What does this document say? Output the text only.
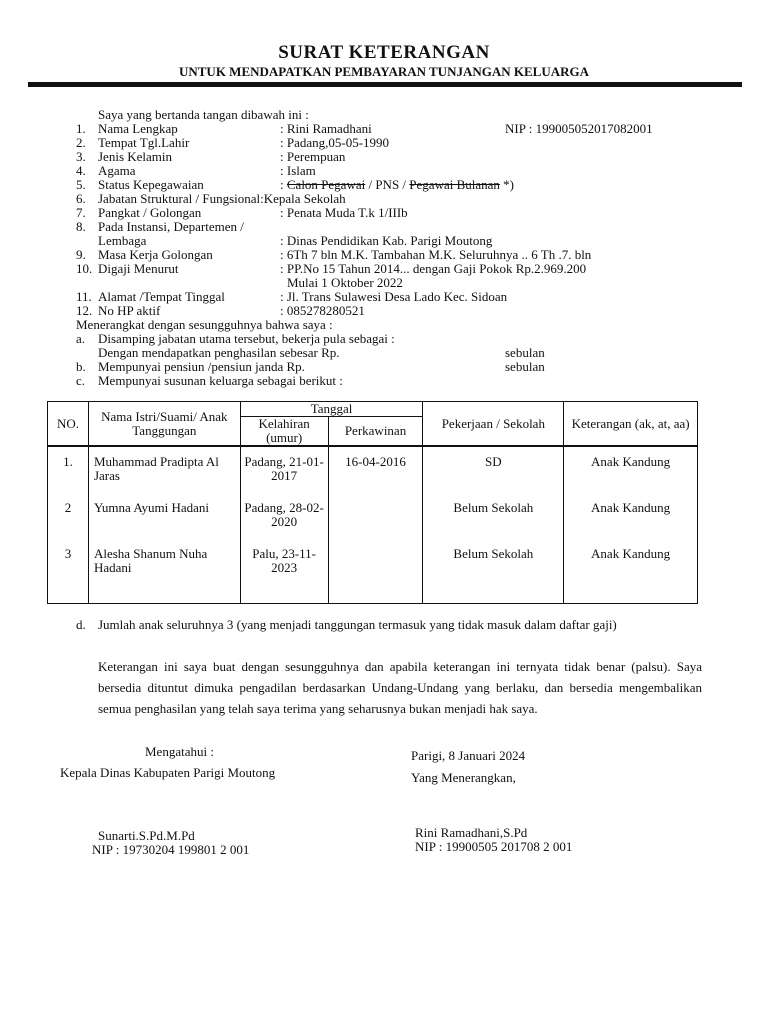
SURAT KETERANGAN
UNTUK MENDAPATKAN PEMBAYARAN TUNJANGAN KELUARGA
Saya yang bertanda tangan dibawah ini :
1. Nama Lengkap	: Rini Ramadhani	NIP : 199005052017082001
2. Tempat Tgl.Lahir	: Padang,05-05-1990
3. Jenis Kelamin	: Perempuan
4. Agama	: Islam
5. Status Kepegawaian	: Calon Pegawai / PNS / Pegawai Bulanan *)
6. Jabatan Struktural / Fungsional:Kepala Sekolah
7. Pangkat / Golongan	: Penata Muda T.k 1/IIIb
8. Pada Instansi, Departemen /
Lembaga	: Dinas Pendidikan Kab. Parigi Moutong
9. Masa Kerja Golongan	: 6Th 7 bln M.K. Tambahan M.K. Seluruhnya .. 6 Th .7. bln
10. Digaji Menurut	: PP.No 15 Tahun 2014... dengan Gaji Pokok Rp.2.969.200
Mulai 1 Oktober 2022
11. Alamat /Tempat Tinggal	: Jl. Trans Sulawesi Desa Lado Kec. Sidoan
12. No HP aktif	: 085278280521
Menerangkat dengan sesungguhnya bahwa saya :
a. Disamping jabatan utama tersebut, bekerja pula sebagai :
Dengan mendapatkan penghasilan sebesar Rp.	sebulan
b. Mempunyai pensiun /pensiun janda Rp.	sebulan
c. Mempunyai susunan keluarga sebagai berikut :
NO.	Nama Istri/Suami/ Anak Tanggungan	Tanggal		Pekerjaan / Sekolah	Keterangan (ak, at, aa)
		Kelahiran (umur)	Perkawinan		
1.	Muhammad Pradipta Al Jaras	Padang, 21-01-2017	16-04-2016	SD	Anak Kandung
2	Yumna Ayumi Hadani	Padang, 28-02-2020		Belum Sekolah	Anak Kandung
3	Alesha Shanum Nuha Hadani	Palu, 23-11-2023		Belum Sekolah	Anak Kandung
d. Jumlah anak seluruhnya 3 (yang menjadi tanggungan termasuk yang tidak masuk dalam daftar gaji)
Keterangan ini saya buat dengan sesungguhnya dan apabila keterangan ini ternyata tidak benar (palsu). Saya bersedia dituntut dimuka pengadilan berdasarkan Undang-Undang yang berlaku, dan bersedia mengembalikan semua penghasilan yang telah saya terima yang seharusnya bukan menjadi hak saya.
Mengatahui :
Kepala Dinas Kabupaten Parigi Moutong
Sunarti.S.Pd.M.Pd
NIP : 19730204 199801 2 001
Parigi, 8 Januari 2024
Yang Menerangkan,
Rini Ramadhani,S.Pd
NIP : 19900505 201708 2 001
